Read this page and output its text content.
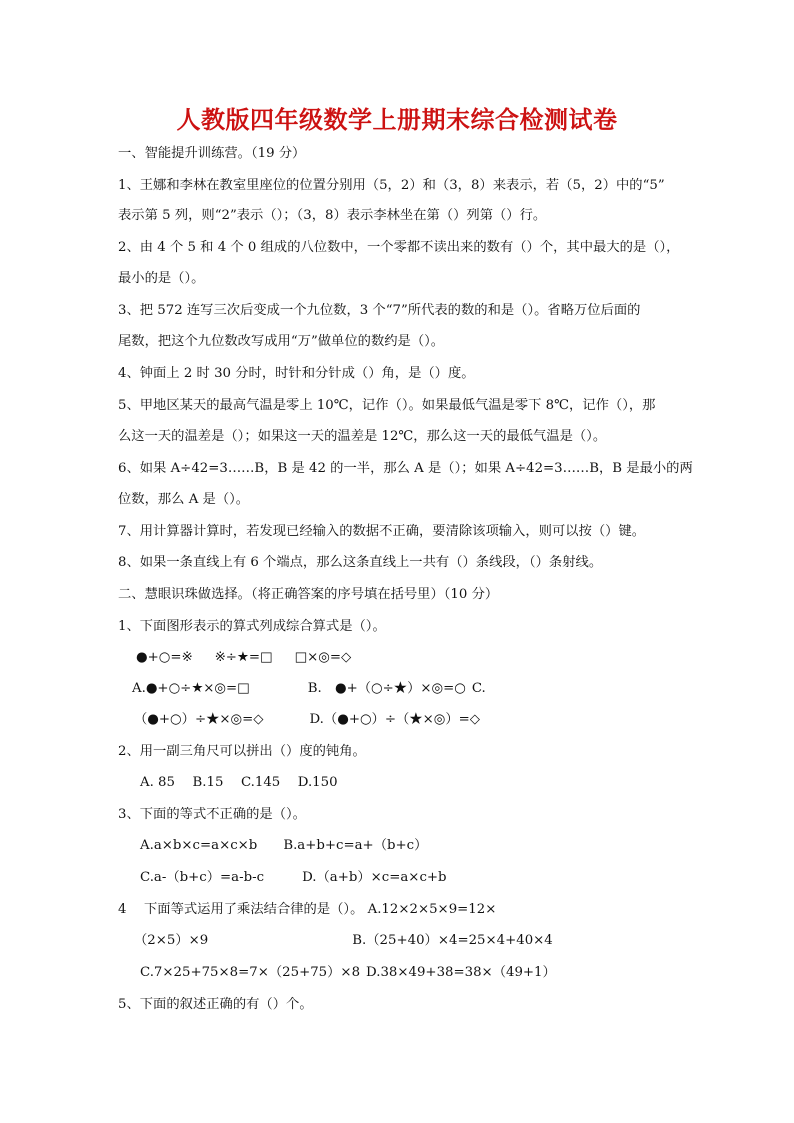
人教版四年级数学上册期末综合检测试卷
一、智能提升训练营。（19 分）
1、王娜和李林在教室里座位的位置分别用（5，2）和（3，8）来表示，若（5，2）中的“5”
表示第 5 列，则“2”表示（）；（3，8）表示李林坐在第（）列第（）行。
2、由 4 个 5 和 4 个 0 组成的八位数中，一个零都不读出来的数有（）个，其中最大的是（），
最小的是（）。
3、把 572 连写三次后变成一个九位数，3 个“7”所代表的数的和是（）。省略万位后面的
尾数，把这个九位数改写成用“万”做单位的数约是（）。
4、钟面上 2 时 30 分时，时针和分针成（）角，是（）度。
5、甲地区某天的最高气温是零上 10℃，记作（）。如果最低气温是零下 8℃，记作（），那
么这一天的温差是（）；如果这一天的温差是 12℃，那么这一天的最低气温是（）。
6、如果 A÷42=3……B，B 是 42 的一半，那么 A 是（）；如果 A÷42=3……B，B 是最小的两
位数，那么 A 是（）。
7、用计算器计算时，若发现已经输入的数据不正确，要清除该项输入，则可以按（）键。
8、如果一条直线上有 6 个端点，那么这条直线上一共有（）条线段，（）条射线。
二、慧眼识珠做选择。（将正确答案的序号填在括号里）（10 分）
1、下面图形表示的算式列成综合算式是（）。
●+○=※ ※÷★=□ □×◎=◇
A.●+○÷★×◎=□	B.　●+（○÷★）×◎=○ C.
（●+○）÷★×◎=◇	D.（●+○）÷（★×◎）=◇
2、用一副三角尺可以拼出（）度的钝角。
A. 85　 B.15　 C.145　 D.150
3、下面的等式不正确的是（）。
A.a×b×c=a×c×b B.a+b+c=a+（b+c）
C.a-（b+c）=a-b-c	D.（a+b）×c=a×c+b
4　 下面等式运用了乘法结合律的是（）。 A.12×2×5×9=12×
（2×5）×9	B.（25+40）×4=25×4+40×4
C.7×25+75×8=7×（25+75）×8 D.38×49+38=38×（49+1）
5、下面的叙述正确的有（）个。
